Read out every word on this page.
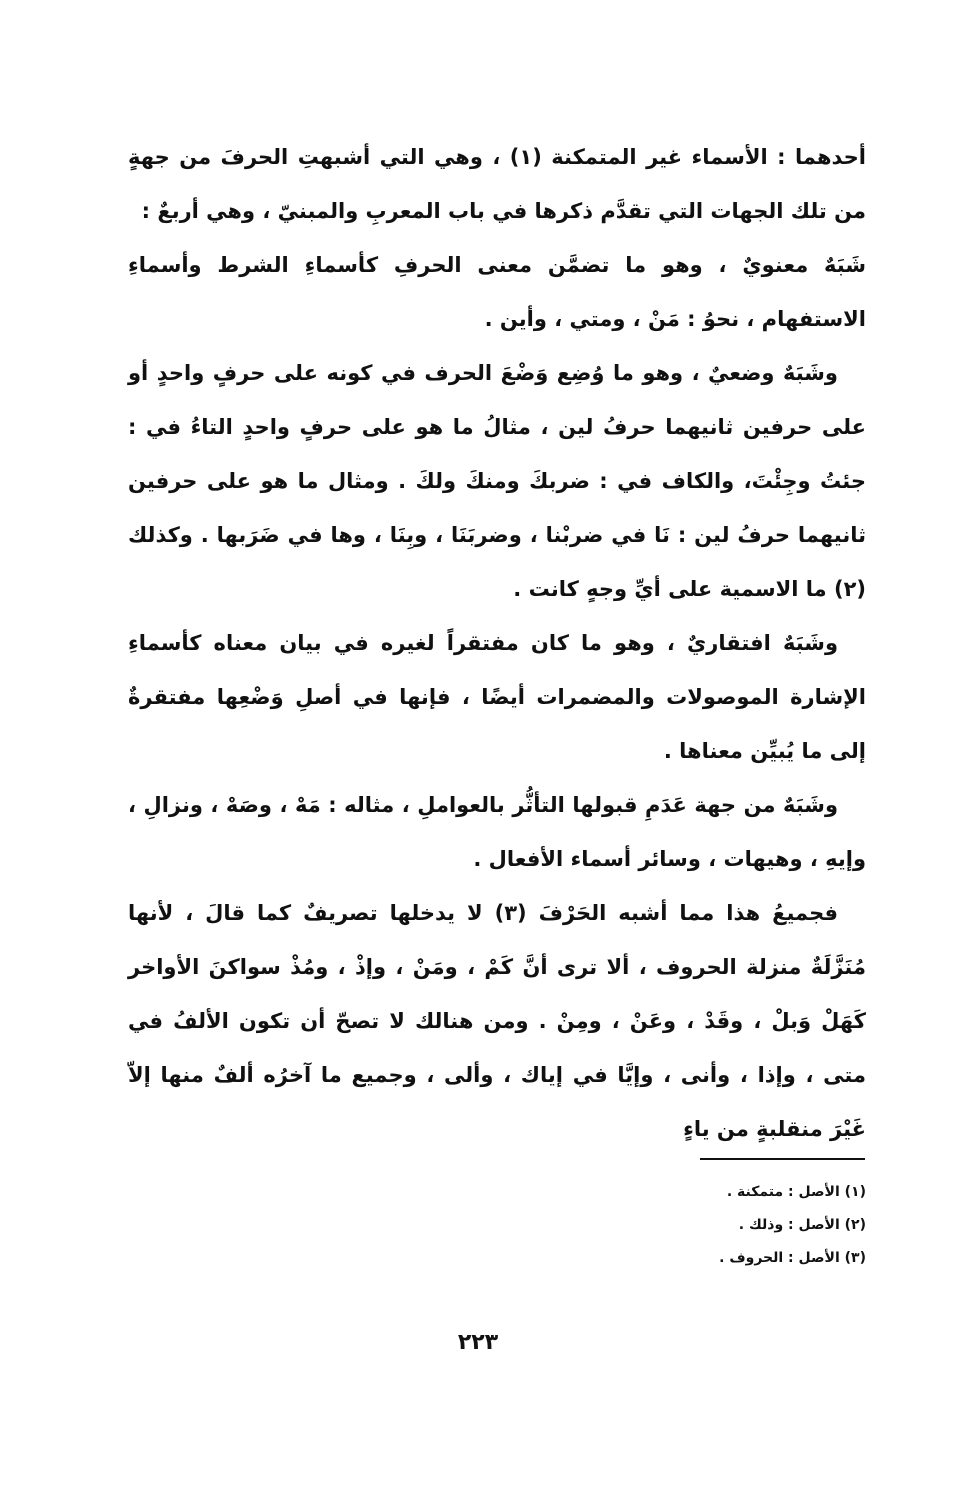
أحدهما : الأسماء غير المتمكنة (١) ، وهي التي أشبهتِ الحرفَ من جهةٍ من تلك الجهات التي تقدَّم ذكرها في باب المعربِ والمبنيّ ، وهي أربعٌ :

شَبَهٌ معنويٌ ، وهو ما تضمَّن معنى الحرفِ كأسماءِ الشرط وأسماءِ الاستفهام ، نحوُ : مَنْ ، ومتي ، وأين .

وشَبَهٌ وضعيٌ ، وهو ما وُضِع وَضْعَ الحرف في كونه على حرفٍ واحدٍ أو على حرفين ثانيهما حرفُ لين ، مثالُ ما هو على حرفٍ واحدٍ التاءُ في : جئتُ وجِئْتَ، والكاف في : ضربكَ ومنكَ ولكَ . ومثال ما هو على حرفين ثانيهما حرفُ لين : نَا في ضربْنا ، وضربَنَا ، وبِنَا ، وها في ضَرَبها . وكذلك (٢) ما الاسمية على أيِّ وجهٍ كانت .

وشَبَهٌ افتقاريٌ ، وهو ما كان مفتقراً لغيره في بيان معناه كأسماءِ الإشارة الموصولات والمضمرات أيضًا ، فإنها في أصلِ وَضْعِها مفتقرةٌ إلى ما يُبيِّن معناها .

وشَبَهٌ من جهة عَدَمِ قبولها التأثُّر بالعواملِ ، مثاله : مَهْ ، وصَهْ ، ونزالِ ، وإيهِ ، وهيهات ، وسائر أسماء الأفعال .

فجميعُ هذا مما أشبه الحَرْفَ (٣) لا يدخلها تصريفٌ كما قالَ ، لأنها مُنَزَّلَةٌ منزلة الحروف ، ألا ترى أنَّ كَمْ ، ومَنْ ، وإذْ ، ومُذْ سواكنَ الأواخر كَهَلْ وَبلْ ، وقَدْ ، وعَنْ ، ومِنْ . ومن هنالك لا تصحّ أن تكون الألفُ في متى ، وإذا ، وأنى ، وإيَّا في إياك ، وألى ، وجميع ما آخرُه ألفٌ منها إلاّ غَيْرَ منقلبةٍ من ياءٍ

(١) الأصل : متمكنة .

(٢) الأصل : وذلك .

(٣) الأصل : الحروف .

٢٢٣
